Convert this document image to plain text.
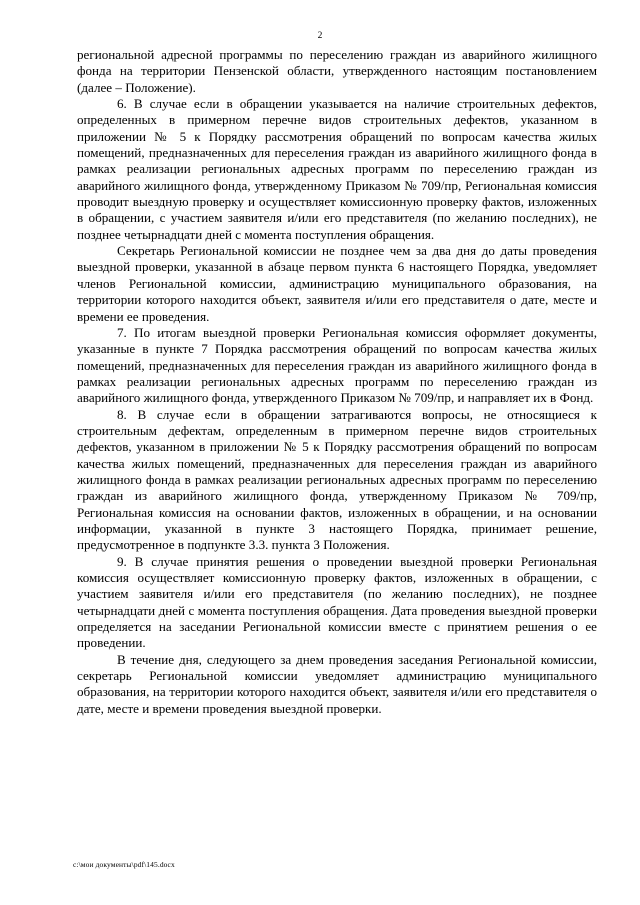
2

региональной адресной программы по переселению граждан из аварийного жилищного фонда на территории Пензенской области, утвержденного настоящим постановлением (далее – Положение).

6. В случае если в обращении указывается на наличие строительных дефектов, определенных в примерном перечне видов строительных дефектов, указанном в приложении № 5 к Порядку рассмотрения обращений по вопросам качества жилых помещений, предназначенных для переселения граждан из аварийного жилищного фонда в рамках реализации региональных адресных программ по переселению граждан из аварийного жилищного фонда, утвержденному Приказом № 709/пр, Региональная комиссия проводит выездную проверку и осуществляет комиссионную проверку фактов, изложенных в обращении, с участием заявителя и/или его представителя (по желанию последних), не позднее четырнадцати дней с момента поступления обращения.

Секретарь Региональной комиссии не позднее чем за два дня до даты проведения выездной проверки, указанной в абзаце первом пункта 6 настоящего Порядка, уведомляет членов Региональной комиссии, администрацию муниципального образования, на территории которого находится объект, заявителя и/или его представителя о дате, месте и времени ее проведения.

7. По итогам выездной проверки Региональная комиссия оформляет документы, указанные в пункте 7 Порядка рассмотрения обращений по вопросам качества жилых помещений, предназначенных для переселения граждан из аварийного жилищного фонда в рамках реализации региональных адресных программ по переселению граждан из аварийного жилищного фонда, утвержденного Приказом № 709/пр, и направляет их в Фонд.

8. В случае если в обращении затрагиваются вопросы, не относящиеся к строительным дефектам, определенным в примерном перечне видов строительных дефектов, указанном в приложении № 5 к Порядку рассмотрения обращений по вопросам качества жилых помещений, предназначенных для переселения граждан из аварийного жилищного фонда в рамках реализации региональных адресных программ по переселению граждан из аварийного жилищного фонда, утвержденному Приказом № 709/пр, Региональная комиссия на основании фактов, изложенных в обращении, и на основании информации, указанной в пункте 3 настоящего Порядка, принимает решение, предусмотренное в подпункте 3.3. пункта 3 Положения.

9. В случае принятия решения о проведении выездной проверки Региональная комиссия осуществляет комиссионную проверку фактов, изложенных в обращении, с участием заявителя и/или его представителя (по желанию последних), не позднее четырнадцати дней с момента поступления обращения. Дата проведения выездной проверки определяется на заседании Региональной комиссии вместе с принятием решения о ее проведении.

В течение дня, следующего за днем проведения заседания Региональной комиссии, секретарь Региональной комиссии уведомляет администрацию муниципального образования, на территории которого находится объект, заявителя и/или его представителя о дате, месте и времени проведения выездной проверки.

c:\мои документы\pdf\145.docx
